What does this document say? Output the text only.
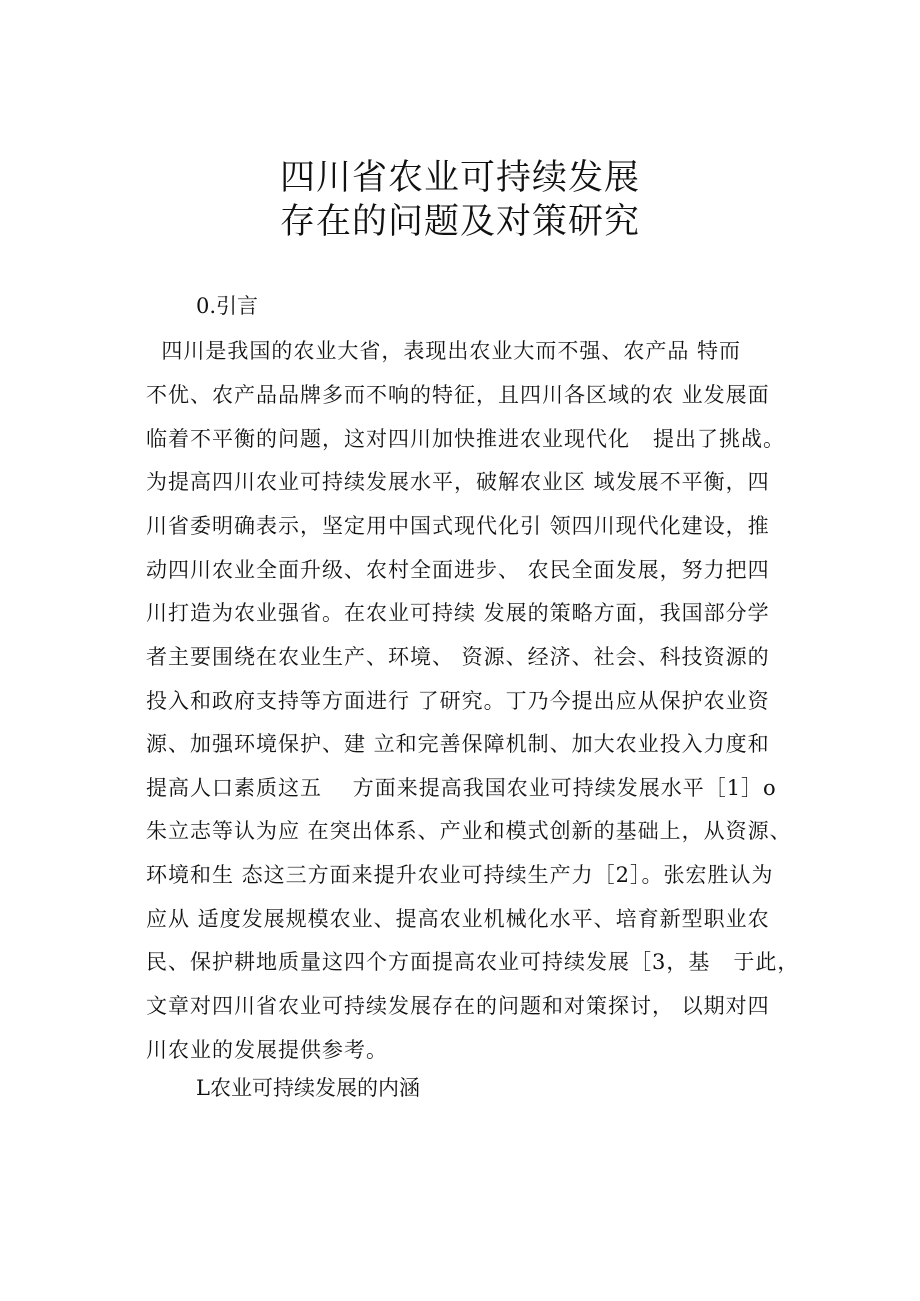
四川省农业可持续发展
存在的问题及对策研究
0.引言

四川是我国的农业大省，表现出农业大而不强、农产品 特而

不优、农产品品牌多而不响的特征，且四川各区域的农 业发展面

临着不平衡的问题，这对四川加快推进农业现代化   提出了挑战。

为提高四川农业可持续发展水平，破解农业区 域发展不平衡，四

川省委明确表示，坚定用中国式现代化引 领四川现代化建设，推

动四川农业全面升级、农村全面进步、 农民全面发展，努力把四

川打造为农业强省。在农业可持续 发展的策略方面，我国部分学

者主要围绕在农业生产、环境、 资源、经济、社会、科技资源的

投入和政府支持等方面进行 了研究。丁乃今提出应从保护农业资

源、加强环境保护、建 立和完善保障机制、加大农业投入力度和

提高人口素质这五    方面来提高我国农业可持续发展水平［1］o

朱立志等认为应 在突出体系、产业和模式创新的基础上，从资源、

环境和生 态这三方面来提升农业可持续生产力［2］。张宏胜认为

应从 适度发展规模农业、提高农业机械化水平、培育新型职业农

民、保护耕地质量这四个方面提高农业可持续发展［3，基   于此，

文章对四川省农业可持续发展存在的问题和对策探讨， 以期对四

川农业的发展提供参考。

L农业可持续发展的内涵
